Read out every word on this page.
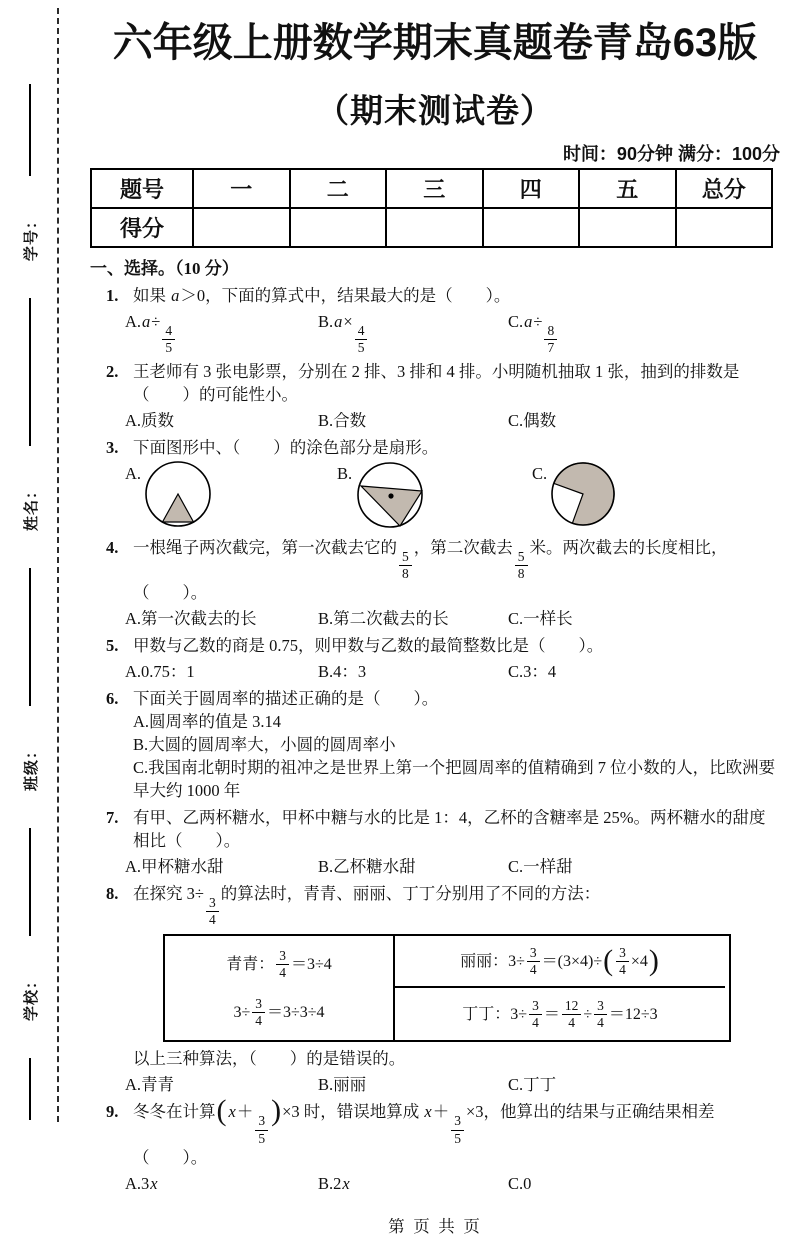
学校：
班级：
姓名：
学号：
六年级上册数学期末真题卷青岛63版
（期末测试卷）
时间：90分钟 满分：100分
题号	一	二	三	四	五	总分
得分						
一、选择。（10 分）
1. 如果 a＞0，下面的算式中，结果最大的是（　　）。
A.a÷
$\frac{4}{5}$
B.a×
$\frac{4}{5}$
C.a÷
$\frac{8}{7}$
2. 王老师有 3 张电影票，分别在 2 排、3 排和 4 排。小明随机抽取 1 张，抽到的排数是（　　）的可能性小。
A.质数	B.合数	C.偶数
3. 下面图形中、（　　）的涂色部分是扇形。
A.	B.	C.
4. 一根绳子两次截完，第一次截去它的
$\frac{5}{8}$
，第二次截去
$\frac{5}{8}$
米。两次截去的长度相比，（　　）。
A.第一次截去的长	B.第二次截去的长	C.一样长
5. 甲数与乙数的商是 0.75，则甲数与乙数的最简整数比是（　　）。
A.0.75：1	B.4：3	C.3：4
6. 下面关于圆周率的描述正确的是（　　）。
A.圆周率的值是 3.14
B.大圆的圆周率大，小圆的圆周率小
C.我国南北朝时期的祖冲之是世界上第一个把圆周率的值精确到 7 位小数的人，比欧洲要早大约 1000 年
7. 有甲、乙两杯糖水，甲杯中糖与水的比是 1：4，乙杯的含糖率是 25%。两杯糖水的甜度相比（　　）。
A.甲杯糖水甜	B.乙杯糖水甜	C.一样甜
8. 在探究 3÷
$\frac{3}{4}$
的算法时，青青、丽丽、丁丁分别用了不同的方法：
青青： $\frac{3}{4} =3\div 4$
$3\div \frac{3}{4} =3\div 3\div 4$
丽丽：$3\div \frac{3}{4} =(3\times 4)\div$ ( $\frac{3}{4} \times 4$ )
丁丁：$3\div \frac{3}{4} = \frac{12}{4} \div \frac{3}{4} =12\div 3$
以上三种算法，（　　）的是错误的。
A.青青	B.丽丽	C.丁丁
9. 冬冬在计算( x＋
$\frac{3}{5}$
)×3 时，错误地算成 x＋
$\frac{3}{5}$
×3，他算出的结果与正确结果相差（　　）。
A.3x	B.2x	C.0
第 页 共 页
